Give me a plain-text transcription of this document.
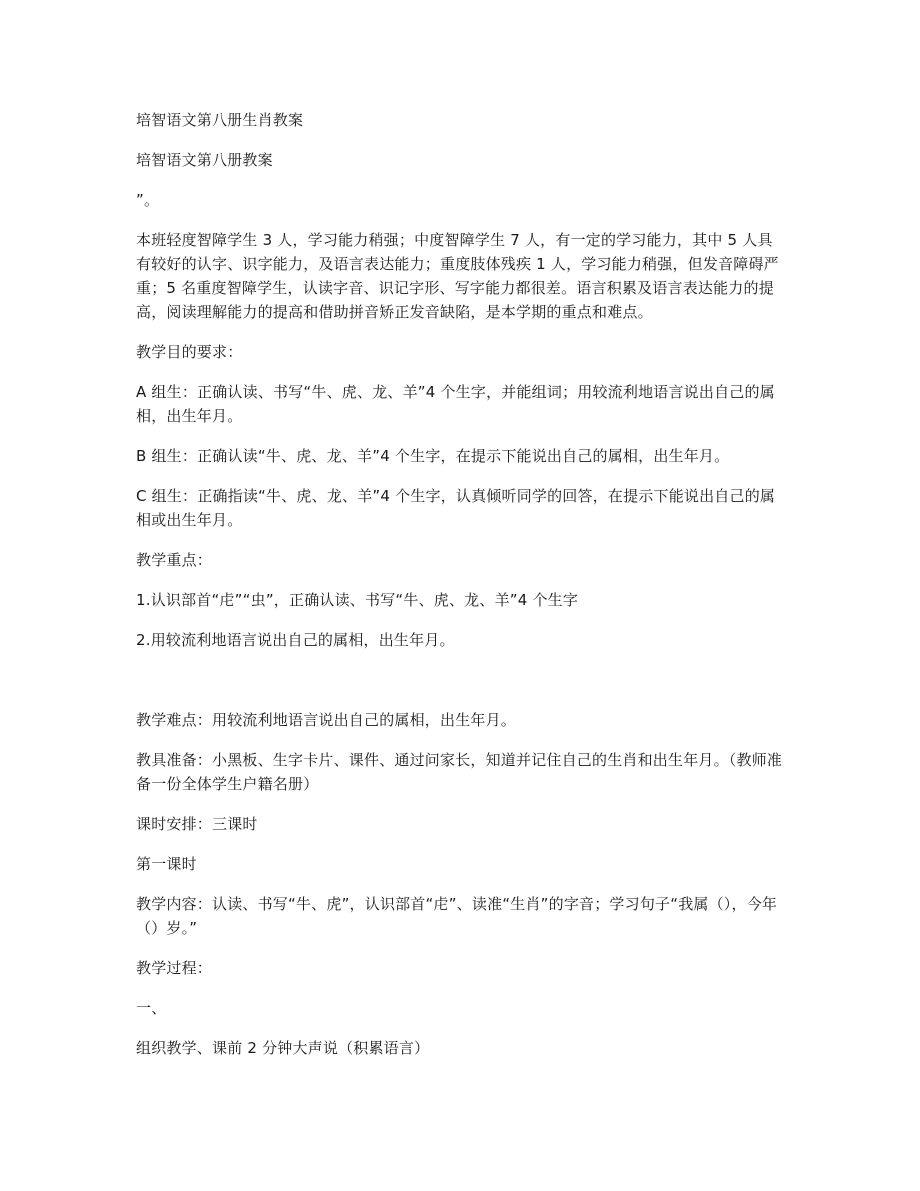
培智语文第八册生肖教案

培智语文第八册教案

”。

本班轻度智障学生 3 人，学习能力稍强；中度智障学生 7 人，有一定的学习能力，其中 5 人具有较好的认字、识字能力，及语言表达能力；重度肢体残疾 1 人，学习能力稍强，但发音障碍严重；5 名重度智障学生，认读字音、识记字形、写字能力都很差。语言积累及语言表达能力的提高，阅读理解能力的提高和借助拼音矫正发音缺陷，是本学期的重点和难点。

教学目的要求：

A 组生：正确认读、书写“牛、虎、龙、羊”4 个生字，并能组词；用较流利地语言说出自己的属相，出生年月。

B 组生：正确认读“牛、虎、龙、羊”4 个生字，在提示下能说出自己的属相，出生年月。

C 组生：正确指读“牛、虎、龙、羊”4 个生字，认真倾听同学的回答，在提示下能说出自己的属相或出生年月。

教学重点：

1.认识部首“虍”“虫”，正确认读、书写“牛、虎、龙、羊”4 个生字

2.用较流利地语言说出自己的属相，出生年月。

教学难点：用较流利地语言说出自己的属相，出生年月。

教具准备：小黑板、生字卡片、课件、通过问家长，知道并记住自己的生肖和出生年月。（教师准备一份全体学生户籍名册）

课时安排：三课时

第一课时

教学内容：认读、书写“牛、虎”，认识部首“虍”、读准“生肖”的字音；学习句子“我属（），今年（）岁。”

教学过程：

一、

组织教学、课前 2 分钟大声说（积累语言）
